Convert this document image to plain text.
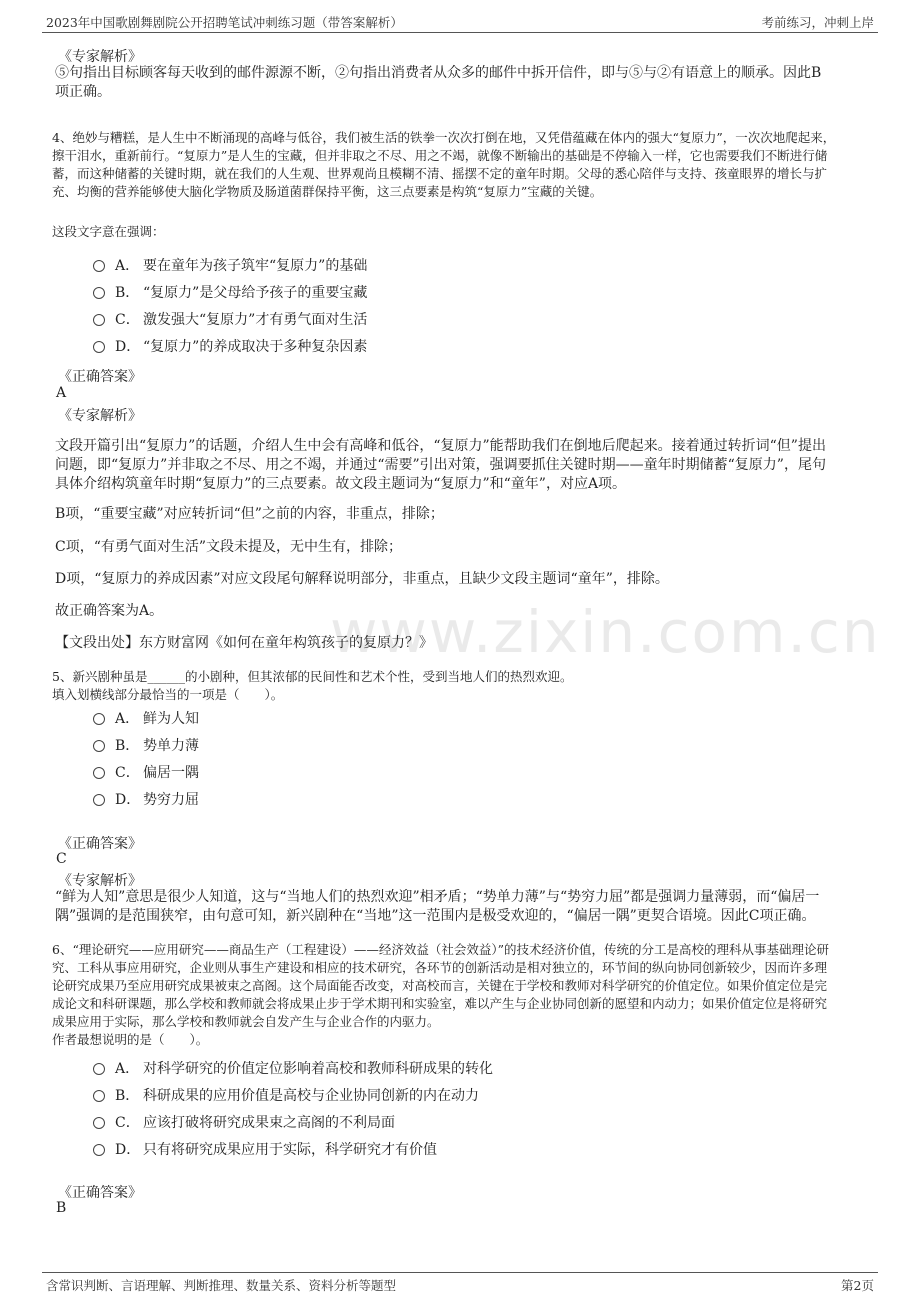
2023年中国歌剧舞剧院公开招聘笔试冲刺练习题（带答案解析）	考前练习，冲刺上岸
www.zixin.com.cn
《专家解析》
⑤句指出目标顾客每天收到的邮件源源不断，②句指出消费者从众多的邮件中拆开信件，即与⑤与②有语意上的顺承。因此B
项正确。
4、绝妙与糟糕，是人生中不断涌现的高峰与低谷，我们被生活的铁拳一次次打倒在地，又凭借蕴藏在体内的强大“复原力”，一次次地爬起来，
擦干泪水，重新前行。“复原力”是人生的宝藏，但并非取之不尽、用之不竭，就像不断输出的基础是不停输入一样，它也需要我们不断进行储
蓄，而这种储蓄的关键时期，就在我们的人生观、世界观尚且模糊不清、摇摆不定的童年时期。父母的悉心陪伴与支持、孩童眼界的增长与扩
充、均衡的营养能够使大脑化学物质及肠道菌群保持平衡，这三点要素是构筑“复原力”宝藏的关键。
这段文字意在强调：
A． 要在童年为孩子筑牢“复原力”的基础
B． “复原力”是父母给予孩子的重要宝藏
C． 激发强大“复原力”才有勇气面对生活
D． “复原力”的养成取决于多种复杂因素
《正确答案》
A
《专家解析》
文段开篇引出“复原力”的话题，介绍人生中会有高峰和低谷，“复原力”能帮助我们在倒地后爬起来。接着通过转折词“但”提出
问题，即“复原力”并非取之不尽、用之不竭，并通过“需要”引出对策，强调要抓住关键时期——童年时期储蓄“复原力”，尾句
具体介绍构筑童年时期“复原力”的三点要素。故文段主题词为“复原力”和“童年”，对应A项。
B项，“重要宝藏”对应转折词“但”之前的内容，非重点，排除；
C项，“有勇气面对生活”文段未提及，无中生有，排除；
D项，“复原力的养成因素”对应文段尾句解释说明部分，非重点，且缺少文段主题词“童年”，排除。
故正确答案为A。
【文段出处】东方财富网《如何在童年构筑孩子的复原力？》
5、新兴剧种虽是______的小剧种，但其浓郁的民间性和艺术个性，受到当地人们的热烈欢迎。
填入划横线部分最恰当的一项是（　　）。
A． 鲜为人知
B． 势单力薄
C． 偏居一隅
D． 势穷力屈
《正确答案》
C
《专家解析》
“鲜为人知”意思是很少人知道，这与“当地人们的热烈欢迎”相矛盾；“势单力薄”与“势穷力屈”都是强调力量薄弱，而“偏居一
隅”强调的是范围狭窄，由句意可知，新兴剧种在“当地”这一范围内是极受欢迎的，“偏居一隅”更契合语境。因此C项正确。
6、“理论研究——应用研究——商品生产（工程建设）——经济效益（社会效益）”的技术经济价值，传统的分工是高校的理科从事基础理论研
究、工科从事应用研究，企业则从事生产建设和相应的技术研究，各环节的创新活动是相对独立的，环节间的纵向协同创新较少，因而许多理
论研究成果乃至应用研究成果被束之高阁。这个局面能否改变，对高校而言，关键在于学校和教师对科学研究的价值定位。如果价值定位是完
成论文和科研课题，那么学校和教师就会将成果止步于学术期刊和实验室，难以产生与企业协同创新的愿望和内动力；如果价值定位是将研究
成果应用于实际，那么学校和教师就会自发产生与企业合作的内驱力。
作者最想说明的是（　　）。
A． 对科学研究的价值定位影响着高校和教师科研成果的转化
B． 科研成果的应用价值是高校与企业协同创新的内在动力
C． 应该打破将研究成果束之高阁的不利局面
D． 只有将研究成果应用于实际，科学研究才有价值
《正确答案》
B
含常识判断、言语理解、判断推理、数量关系、资料分析等题型	第2页
